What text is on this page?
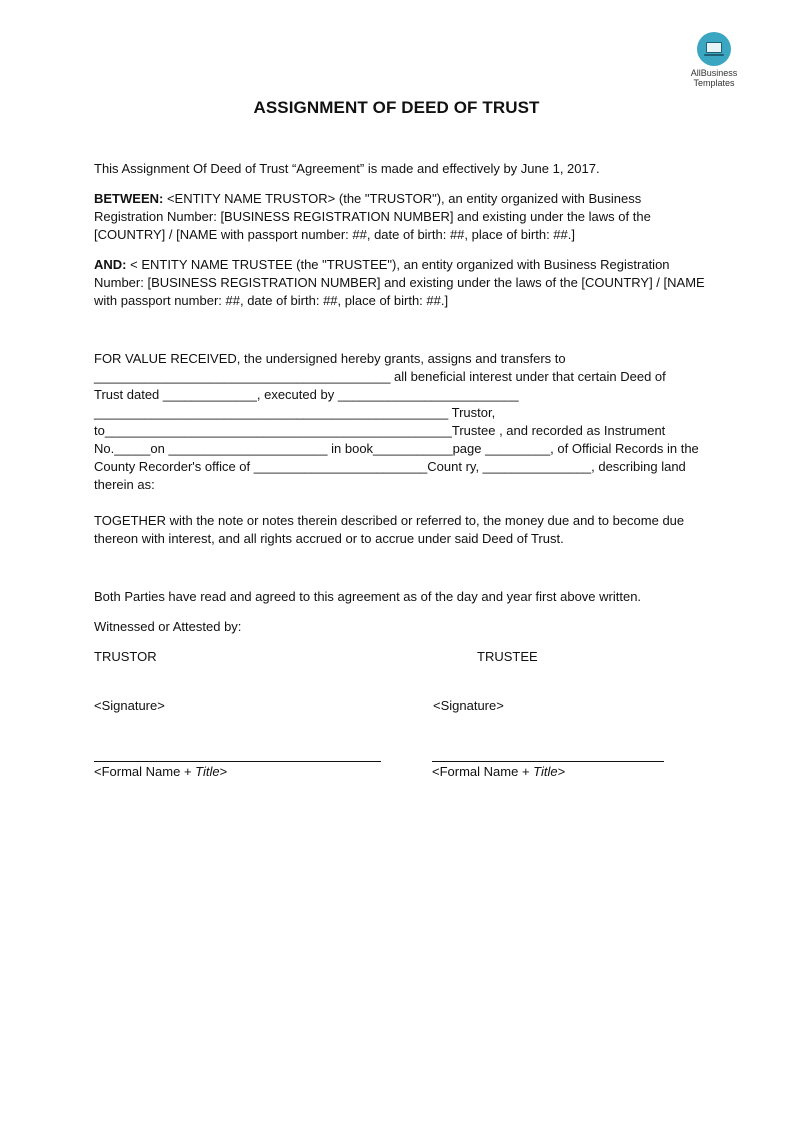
AllBusiness
Templates
ASSIGNMENT OF DEED OF TRUST

This Assignment Of Deed of Trust “Agreement” is made and effectively by June 1, 2017.

BETWEEN: <ENTITY NAME TRUSTOR> (the "TRUSTOR"), an entity organized with Business Registration Number: [BUSINESS REGISTRATION NUMBER] and existing under the laws of the [COUNTRY] / [NAME with passport number: ##, date of birth: ##, place of birth: ##.]

AND: < ENTITY NAME TRUSTEE (the "TRUSTEE"), an entity organized with Business Registration Number: [BUSINESS REGISTRATION NUMBER] and existing under the laws of the [COUNTRY] / [NAME with passport number: ##, date of birth: ##, place of birth: ##.]

FOR VALUE RECEIVED, the undersigned hereby grants, assigns and transfers to
_________________________________________ all beneficial interest under that certain Deed of
Trust dated _____________, executed by _________________________
_________________________________________________ Trustor,
to________________________________________________Trustee , and recorded as Instrument
No._____on ______________________ in book___________page _________, of Official Records in the
County Recorder's office of ________________________Count ry, _______________, describing land
therein as:

TOGETHER with the note or notes therein described or referred to, the money due and to become due thereon with interest, and all rights accrued or to accrue under said Deed of Trust.

Both Parties have read and agreed to this agreement as of the day and year first above written.

Witnessed or Attested by:

TRUSTOR	TRUSTEE
<Signature>	<Signature>
<Formal Name + Title>	<Formal Name + Title>
